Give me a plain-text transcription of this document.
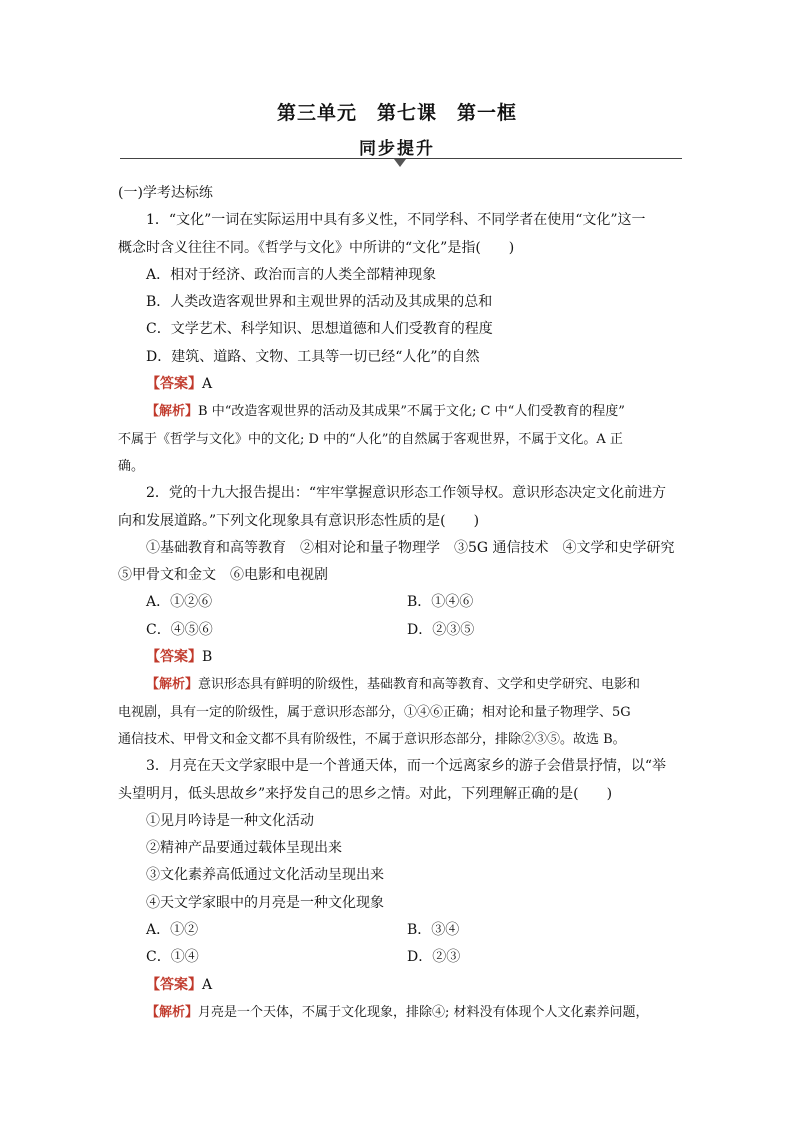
第三单元　第七课　第一框
同步提升

(一)学考达标练

1．“文化”一词在实际运用中具有多义性，不同学科、不同学者在使用“文化”这一

概念时含义往往不同。《哲学与文化》中所讲的“文化”是指(　　)

A．相对于经济、政治而言的人类全部精神现象

B．人类改造客观世界和主观世界的活动及其成果的总和

C．文学艺术、科学知识、思想道德和人们受教育的程度

D．建筑、道路、文物、工具等一切已经“人化”的自然

【答案】A

【解析】B 中“改造客观世界的活动及其成果”不属于文化; C 中“人们受教育的程度”

不属于《哲学与文化》中的文化; D 中的“人化”的自然属于客观世界，不属于文化。A 正

确。

2．党的十九大报告提出：“牢牢掌握意识形态工作领导权。意识形态决定文化前进方

向和发展道路。”下列文化现象具有意识形态性质的是(　　)

①基础教育和高等教育　②相对论和量子物理学　③5G 通信技术　④文学和史学研究

⑤甲骨文和金文　⑥电影和电视剧

A．①②⑥	B．①④⑥
C．④⑤⑥	D．②③⑤

【答案】B

【解析】意识形态具有鲜明的阶级性，基础教育和高等教育、文学和史学研究、电影和

电视剧，具有一定的阶级性，属于意识形态部分，①④⑥正确；相对论和量子物理学、5G

通信技术、甲骨文和金文都不具有阶级性，不属于意识形态部分，排除②③⑤。故选 B。

3．月亮在天文学家眼中是一个普通天体，而一个远离家乡的游子会借景抒情，以“举

头望明月，低头思故乡”来抒发自己的思乡之情。对此，下列理解正确的是(　　)

①见月吟诗是一种文化活动

②精神产品要通过载体呈现出来

③文化素养高低通过文化活动呈现出来

④天文学家眼中的月亮是一种文化现象

A．①②	B．③④
C．①④	D．②③

【答案】A

【解析】月亮是一个天体，不属于文化现象，排除④; 材料没有体现个人文化素养问题，
